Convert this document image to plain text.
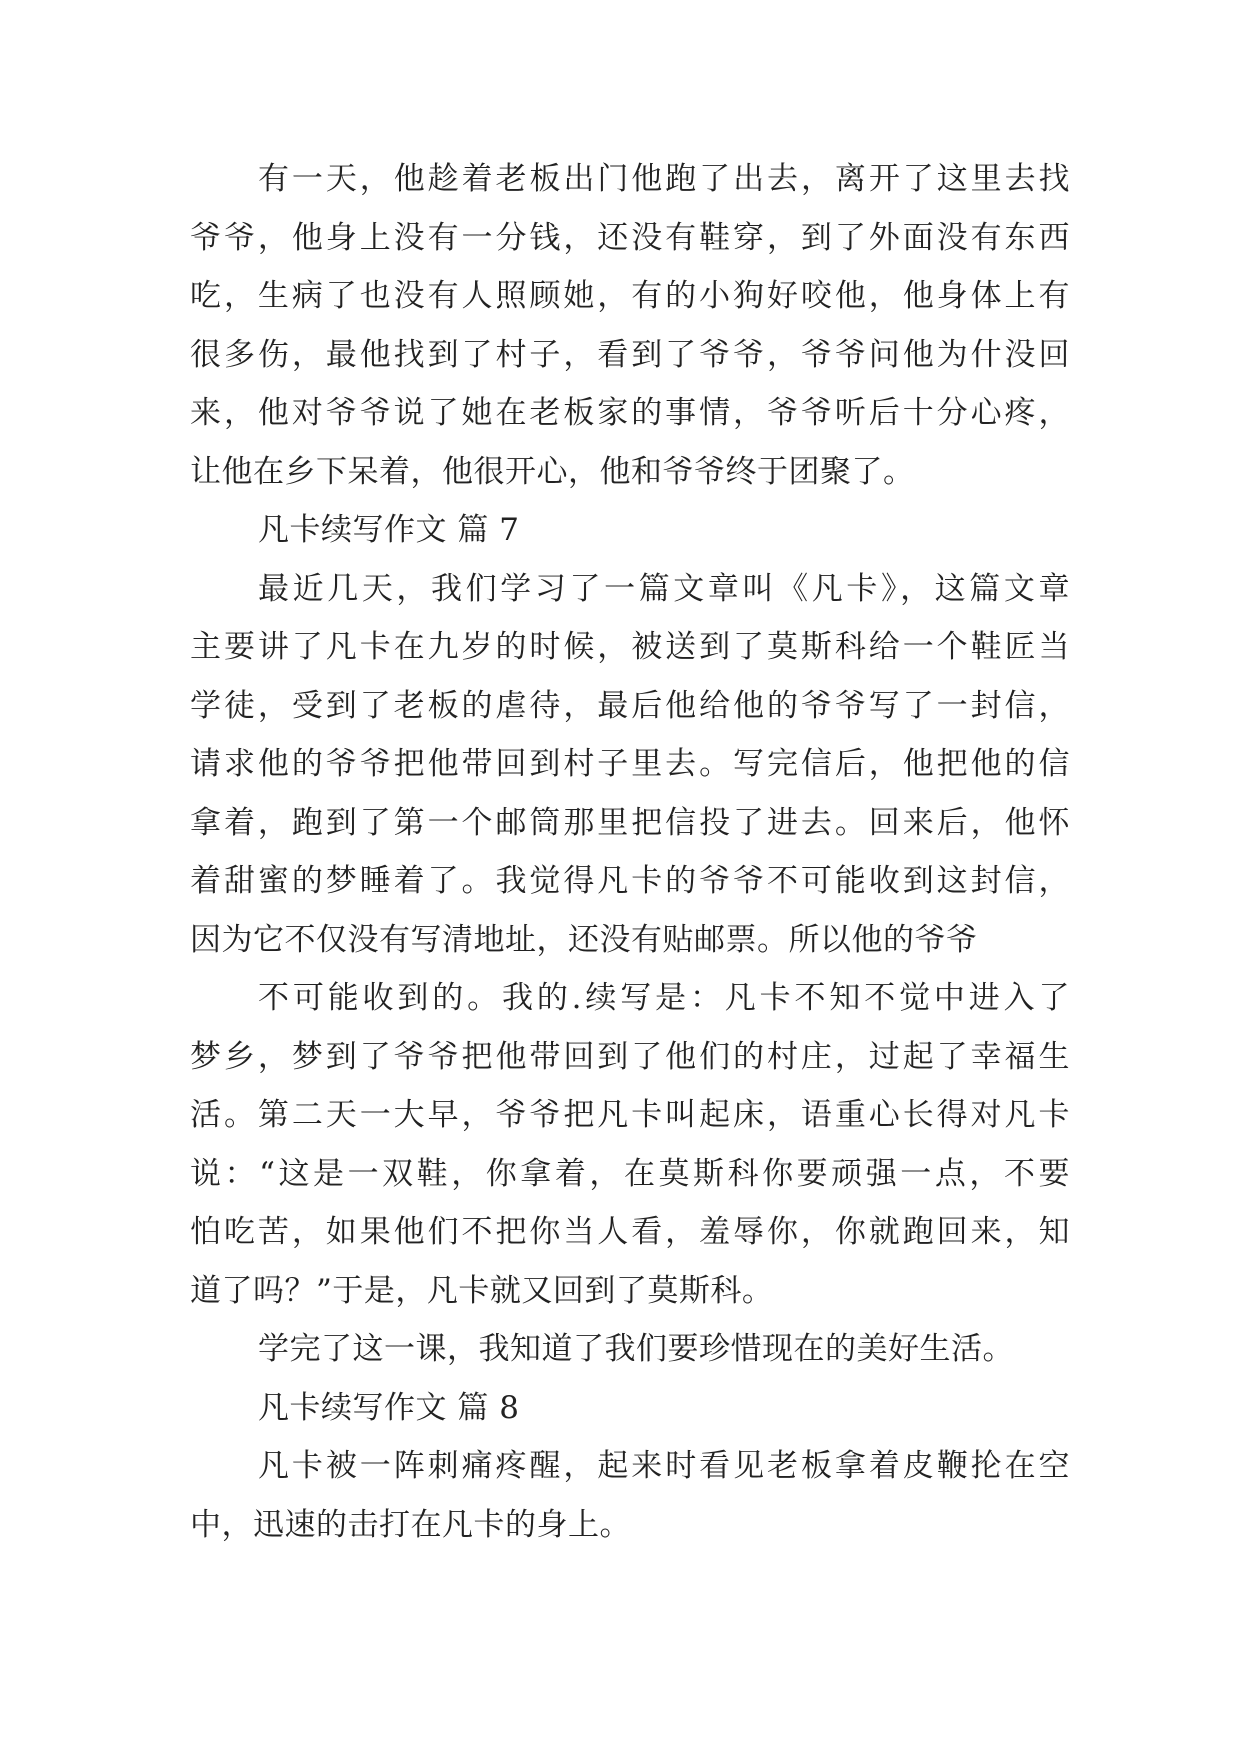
有一天，他趁着老板出门他跑了出去，离开了这里去找
爷爷，他身上没有一分钱，还没有鞋穿，到了外面没有东西
吃，生病了也没有人照顾她，有的小狗好咬他，他身体上有
很多伤，最他找到了村子，看到了爷爷，爷爷问他为什没回
来，他对爷爷说了她在老板家的事情，爷爷听后十分心疼，
让他在乡下呆着，他很开心，他和爷爷终于团聚了。
凡卡续写作文 篇 7
最近几天，我们学习了一篇文章叫《凡卡》，这篇文章
主要讲了凡卡在九岁的时候，被送到了莫斯科给一个鞋匠当
学徒，受到了老板的虐待，最后他给他的爷爷写了一封信，
请求他的爷爷把他带回到村子里去。写完信后，他把他的信
拿着，跑到了第一个邮筒那里把信投了进去。回来后，他怀
着甜蜜的梦睡着了。我觉得凡卡的爷爷不可能收到这封信，
因为它不仅没有写清地址，还没有贴邮票。所以他的爷爷
不可能收到的。我的.续写是：凡卡不知不觉中进入了
梦乡，梦到了爷爷把他带回到了他们的村庄，过起了幸福生
活。第二天一大早，爷爷把凡卡叫起床，语重心长得对凡卡
说：“这是一双鞋，你拿着，在莫斯科你要顽强一点，不要
怕吃苦，如果他们不把你当人看，羞辱你，你就跑回来，知
道了吗？”于是，凡卡就又回到了莫斯科。
学完了这一课，我知道了我们要珍惜现在的美好生活。
凡卡续写作文 篇 8
凡卡被一阵刺痛疼醒，起来时看见老板拿着皮鞭抡在空
中，迅速的击打在凡卡的身上。
